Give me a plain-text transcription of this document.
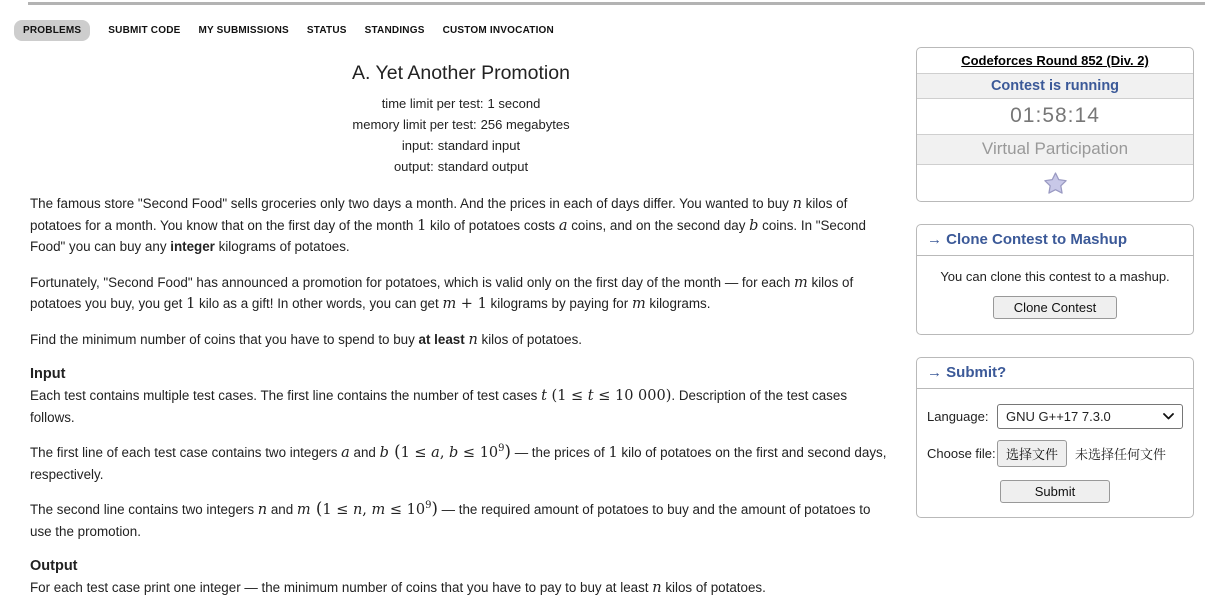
PROBLEMS	SUBMIT CODE MY SUBMISSIONS STATUS STANDINGS CUSTOM INVOCATION
A. Yet Another Promotion
time limit per test: 1 second
memory limit per test: 256 megabytes
input: standard input
output: standard output

The famous store "Second Food" sells groceries only two days a month. And the prices in each of days differ. You wanted to buy n kilos of potatoes for a month. You know that on the first day of the month 1 kilo of potatoes costs a coins, and on the second day b coins. In "Second Food" you can buy any integer kilograms of potatoes.

Fortunately, "Second Food" has announced a promotion for potatoes, which is valid only on the first day of the month — for each m kilos of potatoes you buy, you get 1 kilo as a gift! In other words, you can get m + 1 kilograms by paying for m kilograms.

Find the minimum number of coins that you have to spend to buy at least n kilos of potatoes.

Input

Each test contains multiple test cases. The first line contains the number of test cases t (1 ≤ t ≤ 10 000). Description of the test cases follows.

The first line of each test case contains two integers a and b (1 ≤ a, $b \le 10^9$) — the prices of 1 kilo of potatoes on the first and second days, respectively.

The second line contains two integers n and m (1 ≤ n, $m \le 10^9$) — the required amount of potatoes to buy and the amount of potatoes to use the promotion.

Output

For each test case print one integer — the minimum number of coins that you have to pay to buy at least n kilos of potatoes.

Codeforces Round 852 (Div. 2)
Contest is running
01:58:14
Virtual Participation
→ Clone Contest to Mashup
You can clone this contest to a mashup.
Clone Contest
→ Submit?
Language:	GNU G++17 7.3.0
Choose file: 选择文件	未选择任何文件
Submit
